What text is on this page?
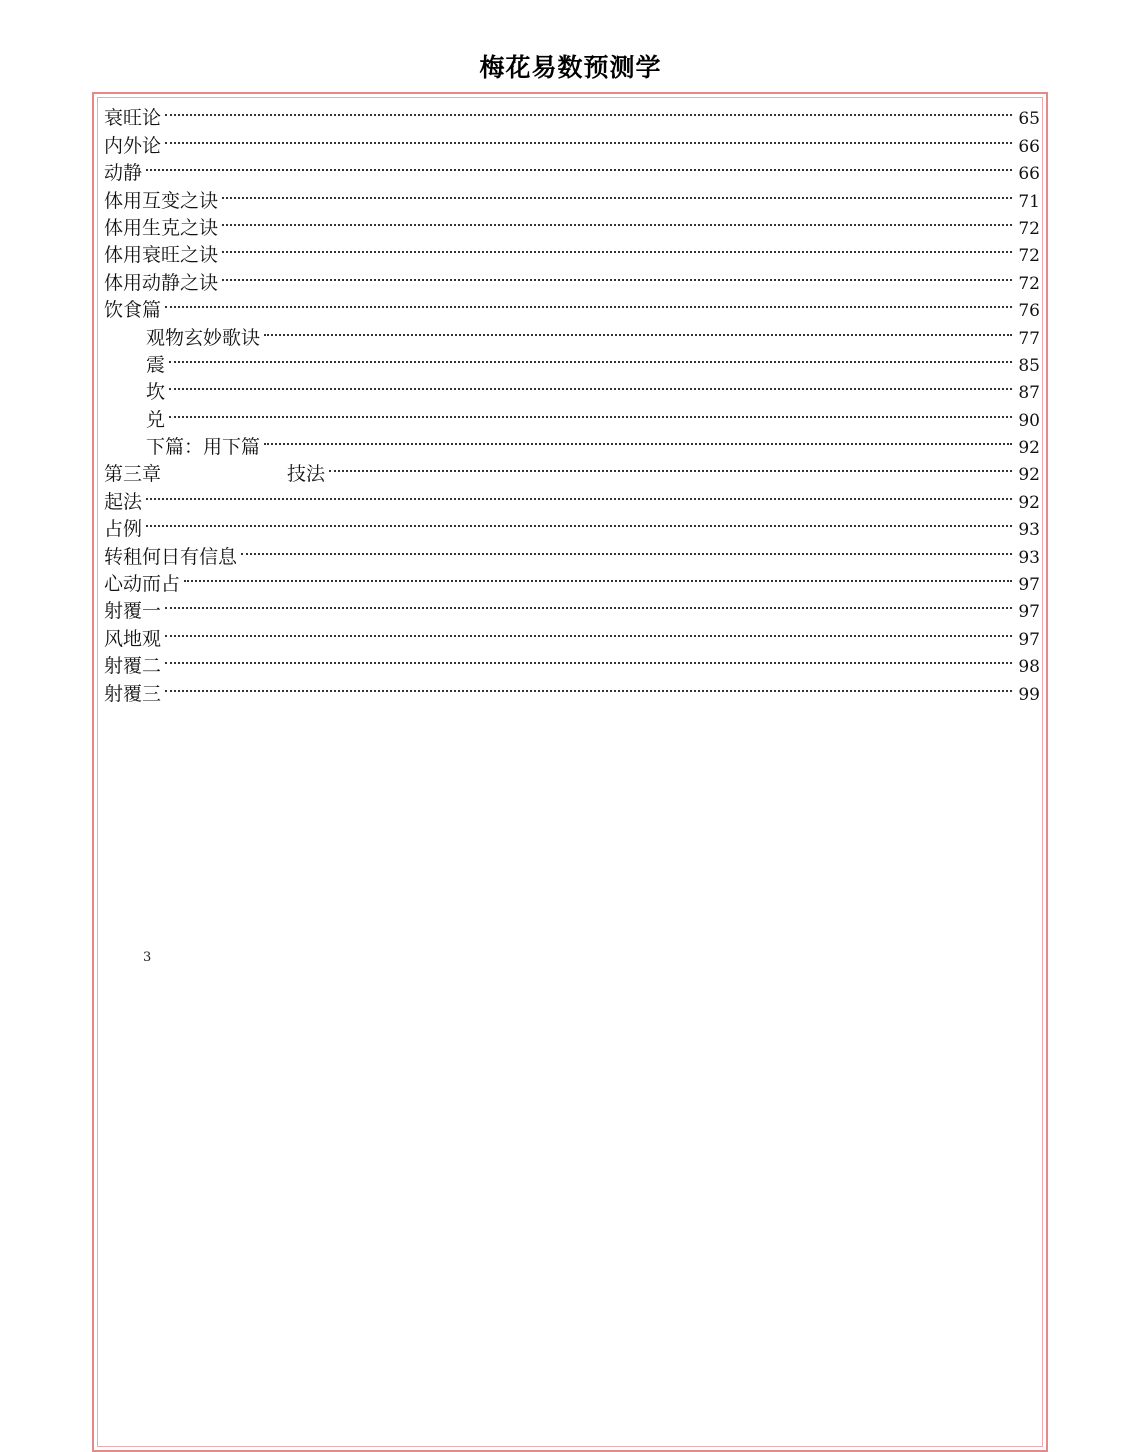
梅花易数预测学
衰旺论	65
内外论	66
动静	66
体用互变之诀	71
体用生克之诀	72
体用衰旺之诀	72
体用动静之诀	72
饮食篇	76
观物玄妙歌诀	77
震	85
坎	87
兑	90
下篇：用下篇	92
第三章	技法	92
起法	92
占例	93
转租何日有信息	93
心动而占	97
射覆一	97
风地观	97
射覆二	98
射覆三	99
3
